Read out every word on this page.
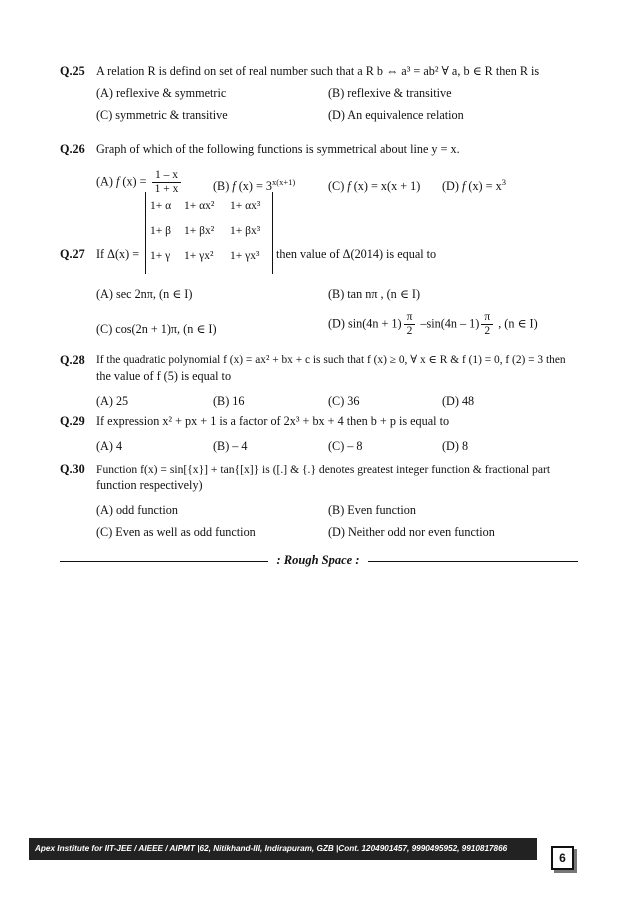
Q.25 A relation R is defind on set of real number such that a R b ⇔ a³ = ab² ∀ a, b ∈ R then R is
(A) reflexive & symmetric	(B) reflexive & transitive
(C) symmetric & transitive	(D) An equivalence relation
Q.26 Graph of which of the following functions is symmetrical about line y = x.
(A) f $(x) = \frac{1 - x}{1 + x}$	(B) f $(x) = 3^{x(x+1)}$	(C) f (x) = x(x + 1) (D) f $(x) = x^3$
Q.27 If Δ(x) =
1+ α 1+ αx² 1+ αx³
1+ β 1+ βx² 1+ βx³
1+ γ 1+ γx² 1+ γx³ then value of Δ(2014) is equal to
(A) sec 2nπ, (n ∈ I)	(B) tan nπ , (n ∈ I)
(C) cos(2n + 1)π, (n ∈ I)	(D) $\sin(4n + 1) \frac{\pi}{2} -\sin(4n - 1) \frac{\pi}{2}$ , (n ∈ I)
Q.28 If the quadratic polynomial f (x) = ax² + bx + c is such that f (x) ≥ 0, ∀ x ∈ R & f (1) = 0, f (2) = 3 then
the value of f (5) is equal to
(A) 25	(B) 16	(C) 36	(D) 48
Q.29 If expression x² + px + 1 is a factor of 2x³ + bx + 4 then b + p is equal to
(A) 4	(B) – 4	(C) – 8	(D) 8
Q.30 Function f(x) = sin[{x}] + tan{[x]} is ([.] & {.} denotes greatest integer function & fractional part
function respectively)
(A) odd function	(B) Even function
(C) Even as well as odd function	(D) Neither odd nor even function
: Rough Space :
Apex Institute for IIT-JEE / AIEEE / AIPMT |62, Nitikhand-III, Indirapuram, GZB |Cont. 1204901457, 9990495952, 9910817866
6
